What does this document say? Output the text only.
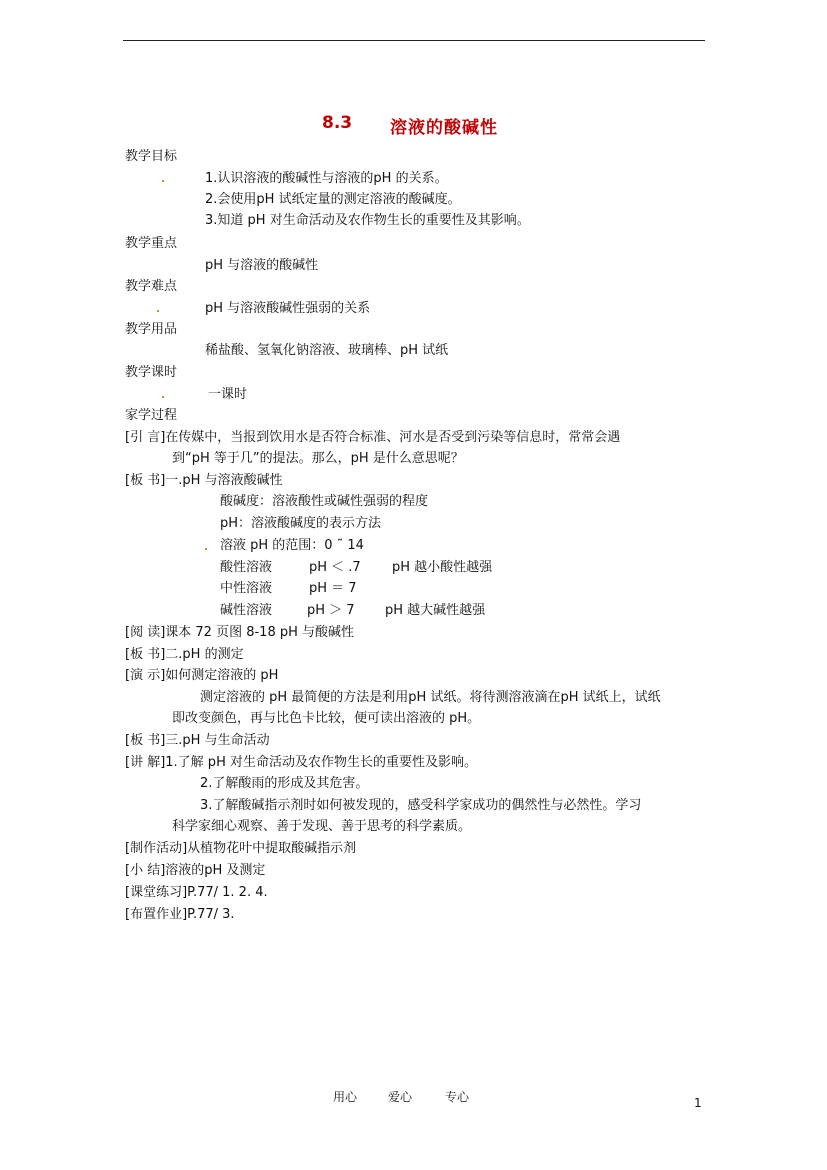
8.3 溶液的酸碱性
教学目标
1.认识溶液的酸碱性与溶液的pH 的关系。
2.会使用pH 试纸定量的测定溶液的酸碱度。
3.知道 pH 对生命活动及农作物生长的重要性及其影响。
教学重点
pH 与溶液的酸碱性
教学难点
pH 与溶液酸碱性强弱的关系
教学用品
稀盐酸、氢氧化钠溶液、玻璃棒、pH 试纸
教学课时
一课时
家学过程
[引 言]在传媒中，当报到饮用水是否符合标准、河水是否受到污染等信息时，常常会遇
到“pH 等于几”的提法。那么，pH 是什么意思呢？
[板 书]一.pH 与溶液酸碱性
酸碱度：溶液酸性或碱性强弱的程度
pH：溶液酸碱度的表示方法
溶液 pH 的范围：0 ˜ 14
酸性溶液	pH ＜ .7 pH 越小酸性越强
中性溶液	pH ＝ 7
碱性溶液	pH ＞ 7 pH 越大碱性越强
[阅 读]课本 72 页图 8-18 pH 与酸碱性
[板 书]二.pH 的测定
[演 示]如何测定溶液的 pH
测定溶液的 pH 最简便的方法是利用pH 试纸。将待测溶液滴在pH 试纸上，试纸
即改变颜色，再与比色卡比较，便可读出溶液的 pH。
[板 书]三.pH 与生命活动
[讲 解]1.了解 pH 对生命活动及农作物生长的重要性及影响。
2.了解酸雨的形成及其危害。
3.了解酸碱指示剂时如何被发现的，感受科学家成功的偶然性与必然性。学习
科学家细心观察、善于发现、善于思考的科学素质。
[制作活动]从植物花叶中提取酸碱指示剂
[小 结]溶液的pH 及测定
[课堂练习]P.77/ 1. 2. 4.
[布置作业]P.77/ 3.
用心	爱心	专心	1
